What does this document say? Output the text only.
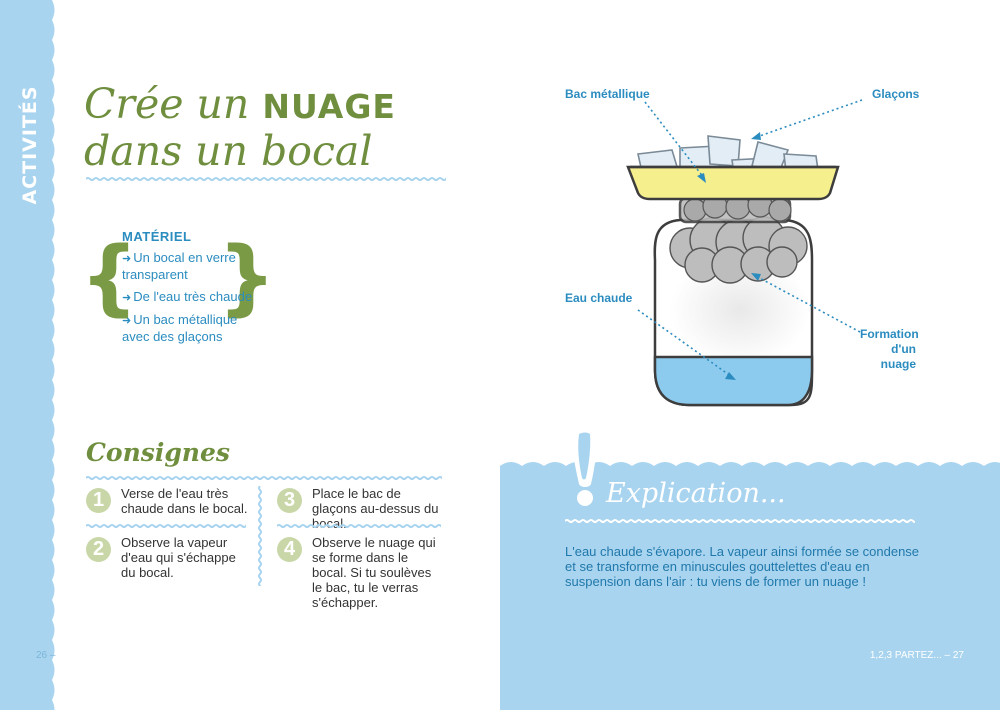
ACTIVITÉS Crée un NUAGE
dans un bocal
{ }
MATÉRIEL
➜ Un bocal en verre transparent
➜ De l'eau très chaude
➜ Un bac métallique avec des glaçons
Consignes
1	Verse de l'eau très chaude dans le bocal.
2	Observe la vapeur d'eau qui s'échappe du bocal.
3	Place le bac de glaçons au-dessus du bocal.
4	Observe le nuage qui se forme dans le bocal. Si tu soulèves le bac, tu le verras s'échapper.
26 –
Bac métallique	Glaçons
Eau chaude
Formation
d'un nuage
Explication...
L'eau chaude s'évapore. La vapeur ainsi formée se condense et se transforme en minuscules gouttelettes d'eau en suspension dans l'air : tu viens de former un nuage !
1,2,3 PARTEZ... – 27
